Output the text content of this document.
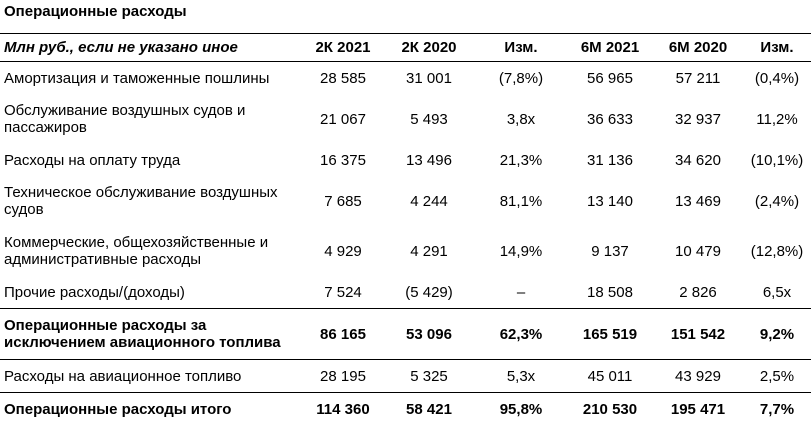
Операционные расходы
Млн руб., если не указано иное	2К 2021	2К 2020	Изм.	6М 2021	6М 2020	Изм.
Амортизация и таможенные пошлины	28 585	31 001	(7,8%)	56 965	57 211	(0,4%)
Обслуживание воздушных судов и пассажиров	21 067	5 493	3,8x	36 633	32 937	11,2%
Расходы на оплату труда	16 375	13 496	21,3%	31 136	34 620	(10,1%)
Техническое обслуживание воздушных судов	7 685	4 244	81,1%	13 140	13 469	(2,4%)
Коммерческие, общехозяйственные и административные расходы	4 929	4 291	14,9%	9 137	10 479	(12,8%)
Прочие расходы/(доходы)	7 524	(5 429)	–	18 508	2 826	6,5x
Операционные расходы за исключением авиационного топлива	86 165	53 096	62,3%	165 519	151 542	9,2%
Расходы на авиационное топливо	28 195	5 325	5,3x	45 011	43 929	2,5%
Операционные расходы итого	114 360	58 421	95,8%	210 530	195 471	7,7%
